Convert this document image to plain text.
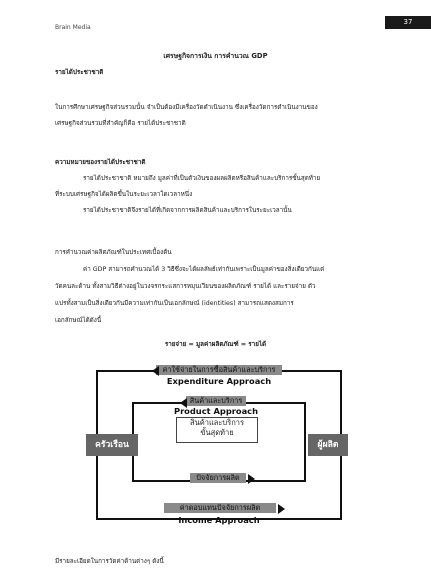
Brain Media
37
เศรษฐกิจการเงิน การคำนวณ GDP
รายได้ประชาชาติ
ในการศึกษาเศรษฐกิจส่วนรวมนั้น จำเป็นต้องมีเครื่องวัดดำเนินงาน ซึ่งเครื่องวัดการดำเนินงานของ
เศรษฐกิจส่วนรวมที่สำคัญก็คือ รายได้ประชาชาติ
ความหมายของรายได้ประชาชาติ
รายได้ประชาชาติ หมายถึง มูลค่าที่เป็นตัวเงินของผลผลิตหรือสินค้าและบริการขั้นสุดท้าย
ที่ระบบเศรษฐกิจได้ผลิตขึ้นในระยะเวลาใดเวลาหนึ่ง
รายได้ประชาชาติจึงรายได้ที่เกิดจากการผลิตสินค้าและบริการในระยะเวลานั้น
การคำนวณค่าผลิตภัณฑ์ในประเทศเบื้องต้น
ค่า GDP สามารถคำนวณได้ 3 วิธีซึ่งจะได้ผลลัพธ์เท่ากันเพราะเป็นมูลค่าของสิ่งเดียวกันแต่
วัดคนละด้าน ทั้งสามวิธีต่างอยู่ในวงจรกระแสการหมุนเวียนของผลิตภัณฑ์ รายได้ และรายจ่าย ตัว
แปรทั้งสามเป็นสิ่งเดียวกันมีความเท่ากันเป็นเอกลักษณ์ (identities) สามารถแสดงสมการ
เอกลักษณ์ได้ดังนี้
รายจ่าย = มูลค่าผลิตภัณฑ์ = รายได้
ค่าใช้จ่ายในการซื้อสินค้าและบริการ
Expenditure Approach
สินค้าและบริการ
Product Approach
สินค้าและบริการ
ขั้นสุดท้าย
ครัวเรือน	ผู้ผลิต
ปัจจัยการผลิต
ค่าตอบแทนปัจจัยการผลิต
Income Approach
มีรายละเอียดในการวัดค่าด้านต่างๆ ดังนี้
